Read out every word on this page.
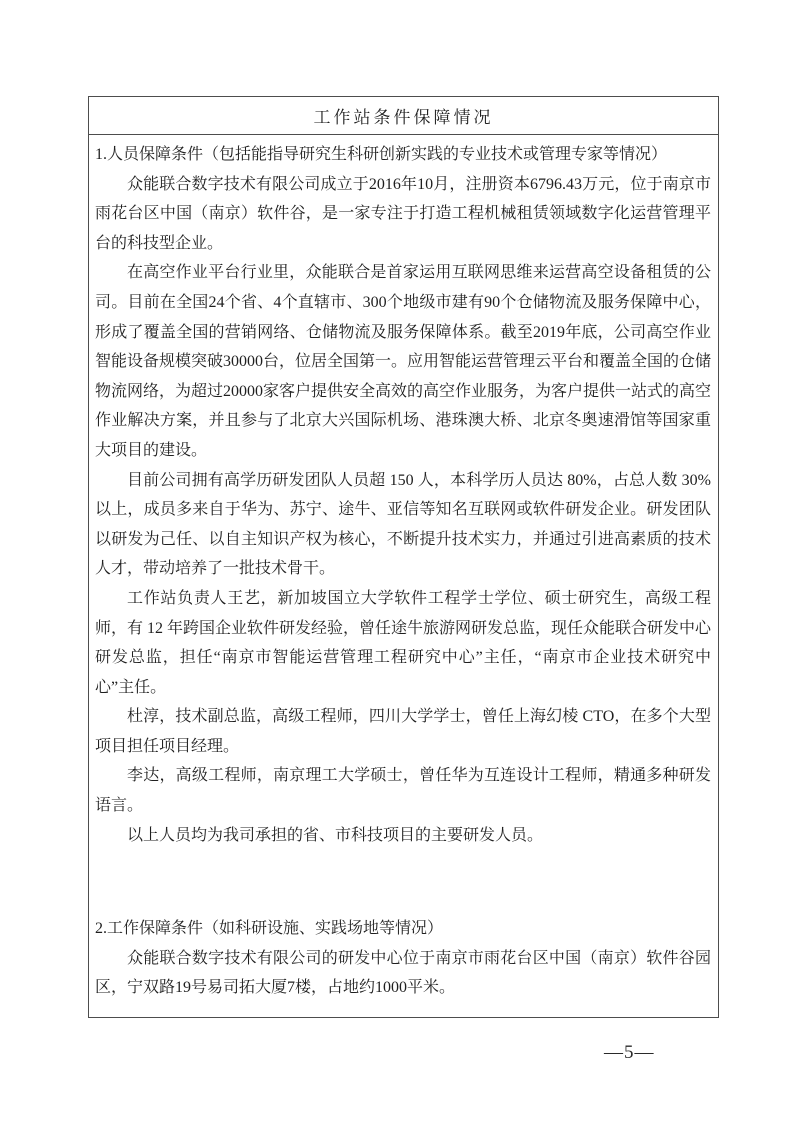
工作站条件保障情况

1.人员保障条件（包括能指导研究生科研创新实践的专业技术或管理专家等情况）

众能联合数字技术有限公司成立于2016年10月，注册资本6796.43万元，位于南京市雨花台区中国（南京）软件谷，是一家专注于打造工程机械租赁领域数字化运营管理平台的科技型企业。

在高空作业平台行业里，众能联合是首家运用互联网思维来运营高空设备租赁的公司。目前在全国24个省、4个直辖市、300个地级市建有90个仓储物流及服务保障中心，形成了覆盖全国的营销网络、仓储物流及服务保障体系。截至2019年底，公司高空作业智能设备规模突破30000台，位居全国第一。应用智能运营管理云平台和覆盖全国的仓储物流网络，为超过20000家客户提供安全高效的高空作业服务，为客户提供一站式的高空作业解决方案，并且参与了北京大兴国际机场、港珠澳大桥、北京冬奥速滑馆等国家重大项目的建设。

目前公司拥有高学历研发团队人员超 150 人，本科学历人员达 80%，占总人数 30%以上，成员多来自于华为、苏宁、途牛、亚信等知名互联网或软件研发企业。研发团队以研发为己任、以自主知识产权为核心，不断提升技术实力，并通过引进高素质的技术人才，带动培养了一批技术骨干。

工作站负责人王艺，新加坡国立大学软件工程学士学位、硕士研究生，高级工程师，有 12 年跨国企业软件研发经验，曾任途牛旅游网研发总监，现任众能联合研发中心研发总监，担任“南京市智能运营管理工程研究中心”主任，“南京市企业技术研究中心”主任。

杜淳，技术副总监，高级工程师，四川大学学士，曾任上海幻棱 CTO，在多个大型项目担任项目经理。

李达，高级工程师，南京理工大学硕士，曾任华为互连设计工程师，精通多种研发语言。

以上人员均为我司承担的省、市科技项目的主要研发人员。

2.工作保障条件（如科研设施、实践场地等情况）

众能联合数字技术有限公司的研发中心位于南京市雨花台区中国（南京）软件谷园区，宁双路19号易司拓大厦7楼，占地约1000平米。

—5—
